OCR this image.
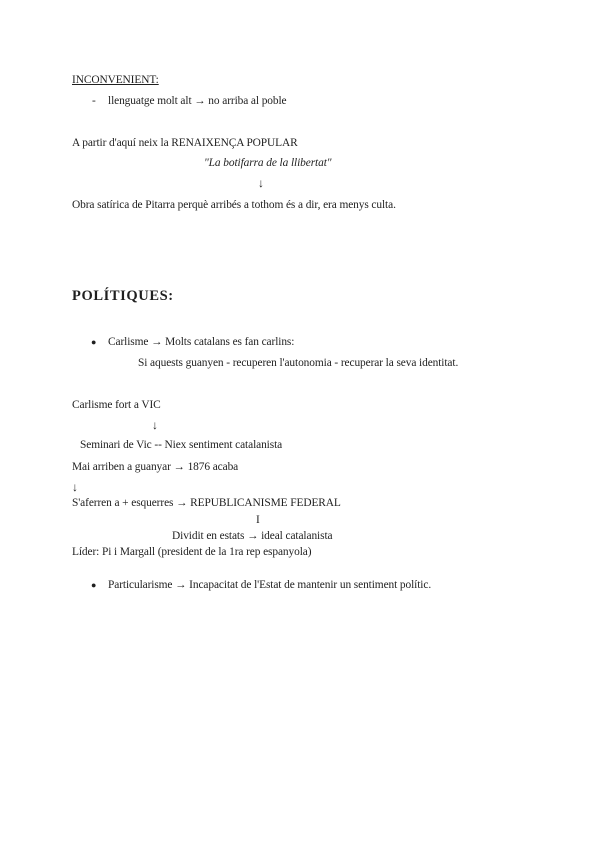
INCONVENIENT:
- llenguatge molt alt → no arriba al poble
A partir d'aquí neix la RENAIXENÇA POPULAR
"La botifarra de la llibertat"
↓
Obra satírica de Pitarra perquè arribés a tothom és a dir, era menys culta.
POLÍTIQUES:
● Carlisme → Molts catalans es fan carlins:
Si aquests guanyen - recuperen l'autonomia - recuperar la seva identitat.
Carlisme fort a VIC
↓
Seminari de Vic -- Niex sentiment catalanista
Mai arriben a guanyar → 1876 acaba
↓
S'aferren a + esquerres → REPUBLICANISME FEDERAL
I
Dividit en estats → ideal catalanista
Líder: Pi i Margall (president de la 1ra rep espanyola)
● Particularisme → Incapacitat de l'Estat de mantenir un sentiment polític.
